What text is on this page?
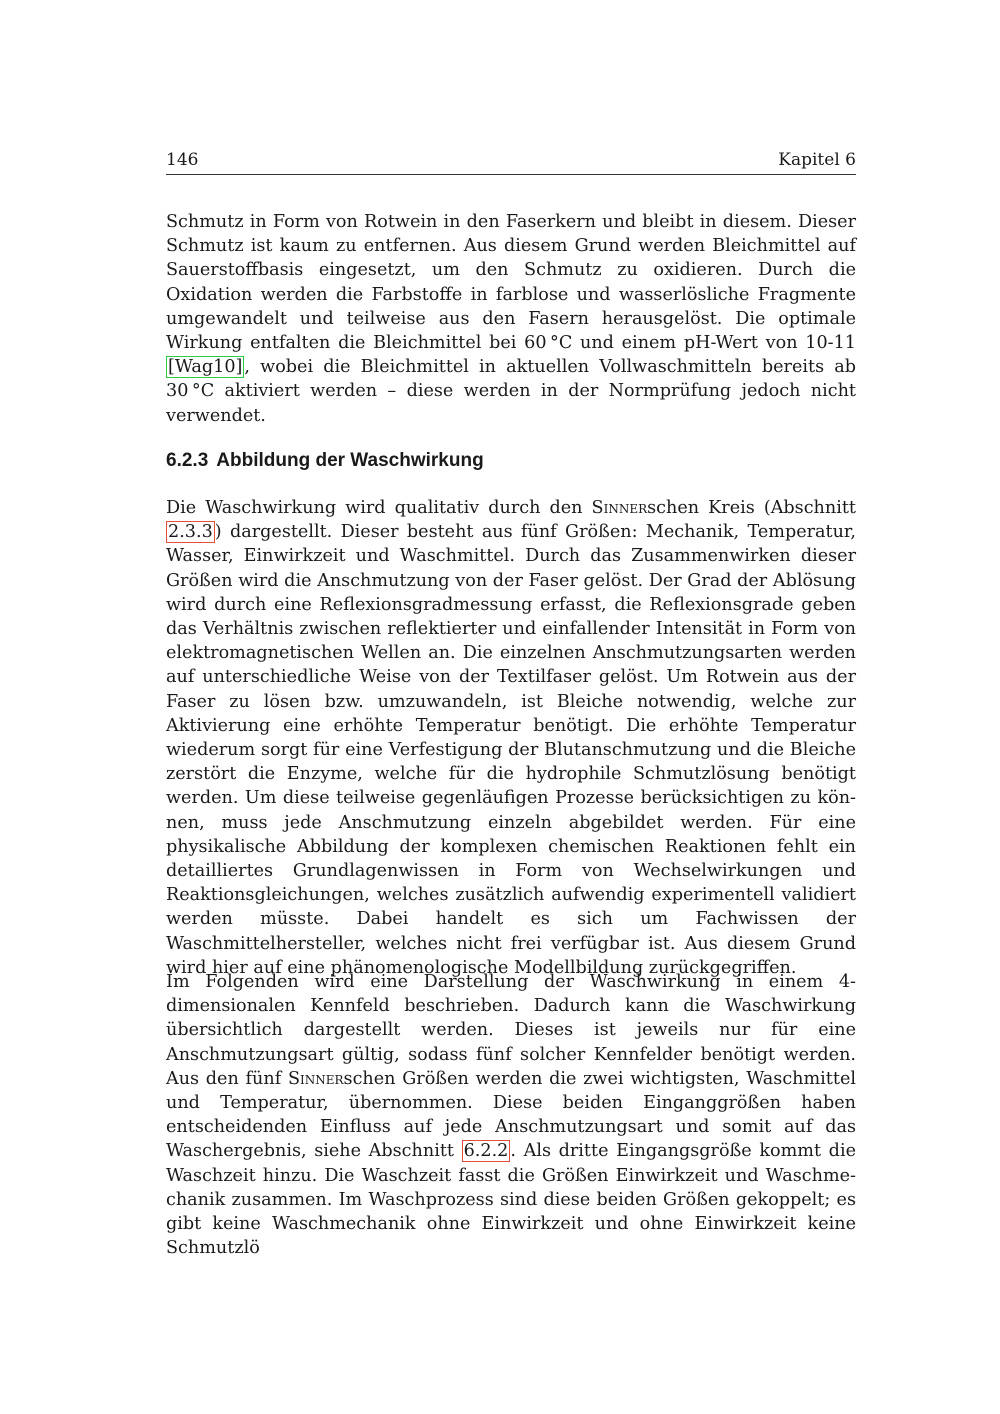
146	Kapitel 6

Schmutz in Form von Rotwein in den Faserkern und bleibt in diesem. Dieser Schmutz ist kaum zu entfernen. Aus diesem Grund werden Bleichmittel auf Sauerstoffbasis eingesetzt, um den Schmutz zu oxidieren. Durch die Oxidation werden die Farbstoffe in farblose und wasserlösliche Fragmente umgewandelt und teilweise aus den Fasern herausgelöst. Die optimale Wirkung entfalten die Bleichmittel bei 60 °C und einem pH-Wert von 10-11 [Wag10] , wobei die Bleichmittel in aktuellen Vollwaschmitteln bereits ab 30 °C aktiviert werden – diese werden in der Normprüfung jedoch nicht verwendet.

6.2.3 Abbildung der Waschwirkung

Die Waschwirkung wird qualitativ durch den Sinnerschen Kreis (Abschnitt 2.3.3 ) dargestellt. Dieser besteht aus fünf Größen: Mechanik, Temperatur, Wasser, Einwirkzeit und Waschmittel. Durch das Zusammenwirken dieser Größen wird die Anschmutzung von der Faser gelöst. Der Grad der Ablösung wird durch eine Reflexionsgradmessung erfasst, die Reflexionsgrade geben das Verhältnis zwischen reflektierter und einfallender Intensität in Form von elektromagnetischen Wellen an. Die einzelnen Anschmutzungsarten werden auf unterschiedliche Weise von der Textilfaser gelöst. Um Rotwein aus der Faser zu lösen bzw. umzuwandeln, ist Bleiche notwendig, welche zur Aktivierung eine erhöhte Temperatur benötigt. Die erhöhte Temperatur wiederum sorgt für eine Verfestigung der Blutanschmutzung und die Bleiche zerstört die Enzyme, welche für die hydrophile Schmutzlösung benötigt werden. Um diese teilweise gegenläufigen Prozesse berücksichtigen zu können, muss jede Anschmutzung einzeln abgebildet werden. Für eine physikalische Abbildung der komplexen chemischen Reaktionen fehlt ein detailliertes Grundlagenwissen in Form von Wechselwirkungen und Reaktionsgleichungen, welches zusätzlich aufwendig experimentell validiert werden müsste. Dabei handelt es sich um Fachwissen der Waschmittelhersteller, welches nicht frei verfügbar ist. Aus diesem Grund wird hier auf eine phänomenologische Modellbildung zurückgegriffen.

Im Folgenden wird eine Darstellung der Waschwirkung in einem 4-dimensionalen Kennfeld beschrieben. Dadurch kann die Waschwirkung übersichtlich dargestellt werden. Dieses ist jeweils nur für eine Anschmutzungsart gültig, sodass fünf solcher Kennfelder benötigt werden. Aus den fünf Sinnerschen Größen werden die zwei wichtigsten, Waschmittel und Temperatur, übernommen. Diese beiden Einganggrößen haben entscheidenden Einfluss auf jede Anschmutzungsart und somit auf das Waschergebnis, siehe Abschnitt 6.2.2 . Als dritte Eingangsgröße kommt die Waschzeit hinzu. Die Waschzeit fasst die Größen Einwirkzeit und Waschmechanik zusammen. Im Waschprozess sind diese beiden Größen gekoppelt; es gibt keine Waschmechanik ohne Einwirkzeit und ohne Einwirkzeit keine Schmutzlö
